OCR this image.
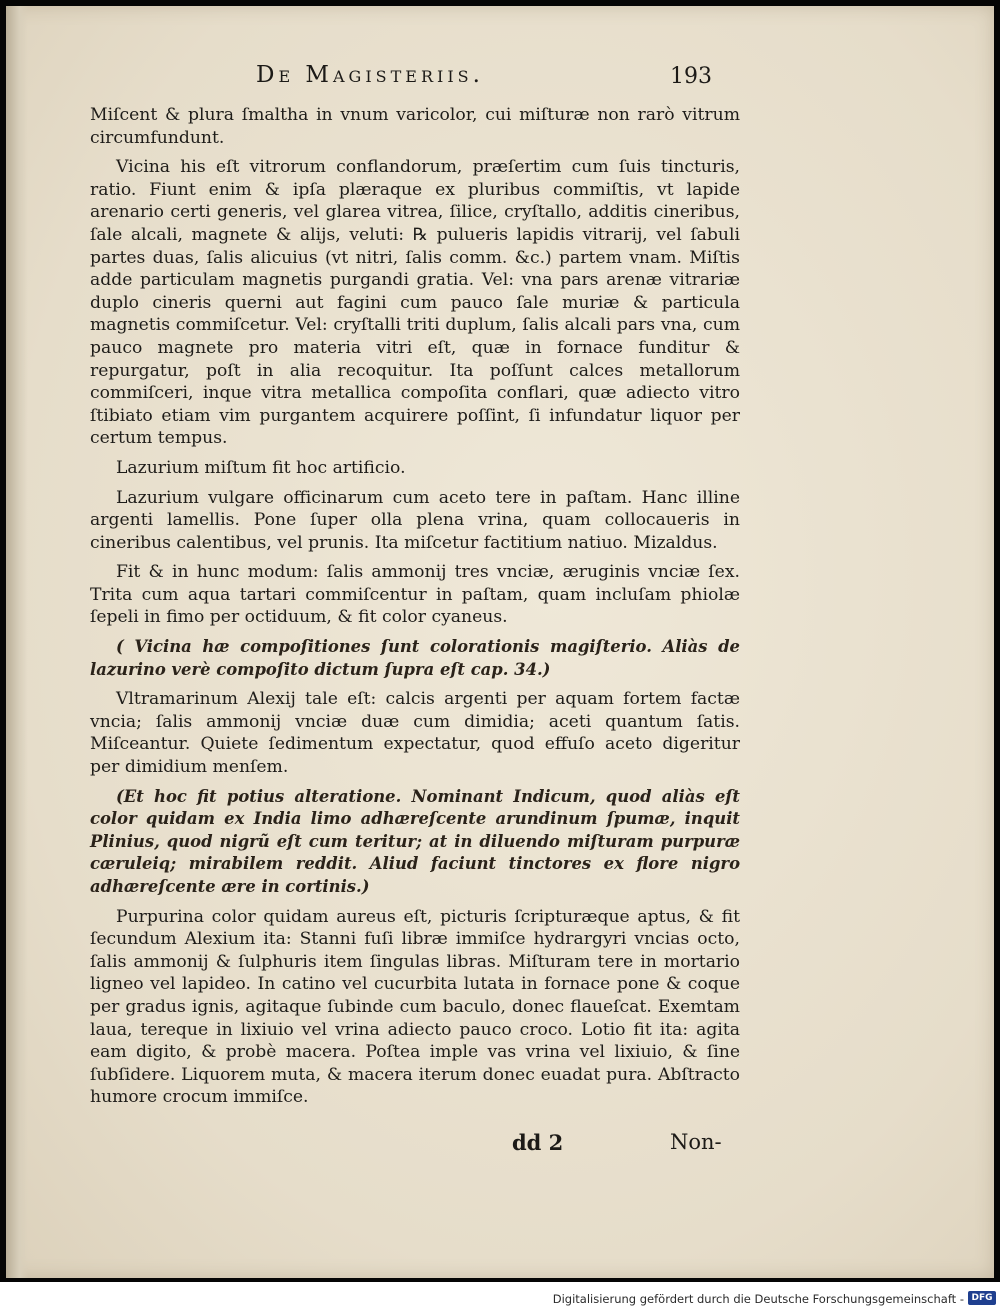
De Magisteriis.	193

Miſcent & plura ſmaltha in vnum varicolor, cui miſturæ non rarò vitrum circumfundunt.

Vicina his eſt vitrorum conflandorum, præſertim cum ſuis tincturis, ratio. Fiunt enim & ipſa plæraque ex pluribus commiſtis, vt lapide arenario certi generis, vel glarea vitrea, ſilice, cryſtallo, additis cineribus, ſale alcali, magnete & alijs, veluti: ℞ pulueris lapidis vitrarij, vel ſabuli partes duas, ſalis alicuius (vt nitri, ſalis comm. &c.) partem vnam. Miſtis adde particulam magnetis purgandi gratia. Vel: vna pars arenæ vitrariæ duplo cineris querni aut fagini cum pauco ſale muriæ & particula magnetis commiſcetur. Vel: cryſtalli triti duplum, ſalis alcali pars vna, cum pauco magnete pro materia vitri eſt, quæ in fornace funditur & repurgatur, poſt in alia recoquitur. Ita poſſunt calces metallorum commiſceri, inque vitra metallica compoſita conflari, quæ adiecto vitro ſtibiato etiam vim purgantem acquirere poſſint, ſi infundatur liquor per certum tempus.

Lazurium miſtum fit hoc artificio.

Lazurium vulgare officinarum cum aceto tere in paſtam. Hanc illine argenti lamellis. Pone ſuper olla plena vrina, quam collocaueris in cineribus calentibus, vel prunis. Ita miſcetur factitium natiuo. Mizaldus.

Fit & in hunc modum: ſalis ammonij tres vnciæ, æruginis vnciæ ſex. Trita cum aqua tartari commiſcentur in paſtam, quam incluſam phiolæ ſepeli in fimo per octiduum, & fit color cyaneus.

( Vicina hæ compoſitiones ſunt colorationis magiſterio. Aliàs de lazurino verè compoſito dictum ſupra eſt cap. 34.)

Vltramarinum Alexij tale eſt: calcis argenti per aquam fortem factæ vncia; ſalis ammonij vnciæ duæ cum dimidia; aceti quantum ſatis. Miſceantur. Quiete ſedimentum expectatur, quod effuſo aceto digeritur per dimidium menſem.

(Et hoc fit potius alteratione. Nominant Indicum, quod aliàs eſt color quidam ex India limo adhæreſcente arundinum ſpumæ, inquit Plinius, quod nigrũ eſt cum teritur; at in diluendo miſturam purpuræ cæruleiq; mirabilem reddit. Aliud faciunt tinctores ex flore nigro adhæreſcente ære in cortinis.)

Purpurina color quidam aureus eſt, picturis ſcripturæque aptus, & fit ſecundum Alexium ita: Stanni fuſi libræ immiſce hydrargyri vncias octo, ſalis ammonij & ſulphuris item ſingulas libras. Miſturam tere in mortario ligneo vel lapideo. In catino vel cucurbita lutata in fornace pone & coque per gradus ignis, agitaque ſubinde cum baculo, donec flaueſcat. Exemtam laua, tereque in lixiuio vel vrina adiecto pauco croco. Lotio fit ita: agita eam digito, & probè macera. Poſtea imple vas vrina vel lixiuio, & ſine ſubſidere. Liquorem muta, & macera iterum donec euadat pura. Abſtracto humore crocum immiſce.

dd 2	Non-
Digitalisierung gefördert durch die Deutsche Forschungsgemeinschaft - DFG
